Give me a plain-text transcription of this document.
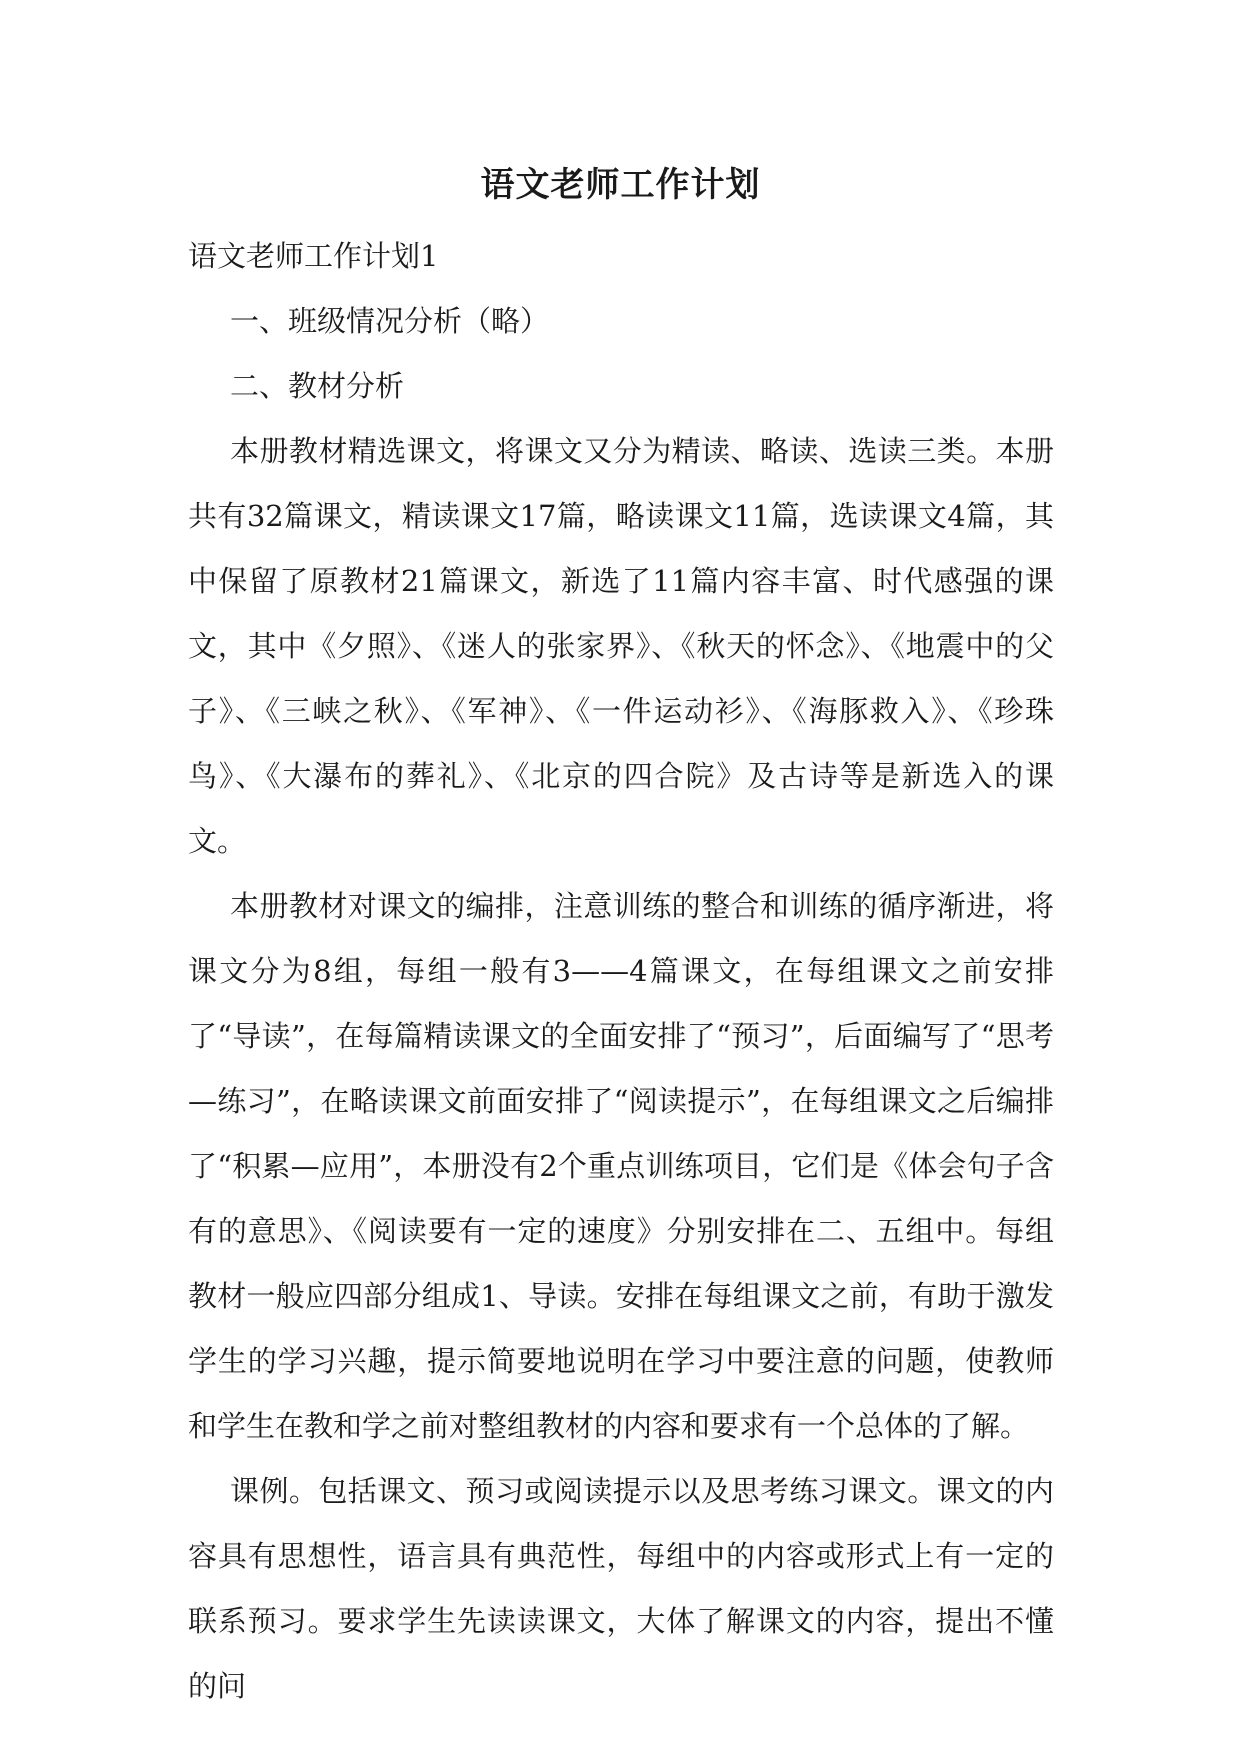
语文老师工作计划

语文老师工作计划1

一、班级情况分析（略）

二、教材分析

本册教材精选课文，将课文又分为精读、略读、选读三类。本册共有32篇课文，精读课文17篇，略读课文11篇，选读课文4篇，其中保留了原教材21篇课文，新选了11篇内容丰富、时代感强的课文，其中《夕照》、《迷人的张家界》、《秋天的怀念》、《地震中的父子》、《三峡之秋》、《军神》、《一件运动衫》、《海豚救入》、《珍珠鸟》、《大瀑布的葬礼》、《北京的四合院》及古诗等是新选入的课文。

本册教材对课文的编排，注意训练的整合和训练的循序渐进，将课文分为8组，每组一般有3——4篇课文，在每组课文之前安排了“导读”，在每篇精读课文的全面安排了“预习”，后面编写了“思考—练习”，在略读课文前面安排了“阅读提示”，在每组课文之后编排了“积累—应用”，本册没有2个重点训练项目，它们是《体会句子含有的意思》、《阅读要有一定的速度》分别安排在二、五组中。每组教材一般应四部分组成1、导读。安排在每组课文之前，有助于激发学生的学习兴趣，提示简要地说明在学习中要注意的问题，使教师和学生在教和学之前对整组教材的内容和要求有一个总体的了解。

课例。包括课文、预习或阅读提示以及思考练习课文。课文的内容具有思想性，语言具有典范性，每组中的内容或形式上有一定的联系预习。要求学生先读读课文，大体了解课文的内容，提出不懂的问
